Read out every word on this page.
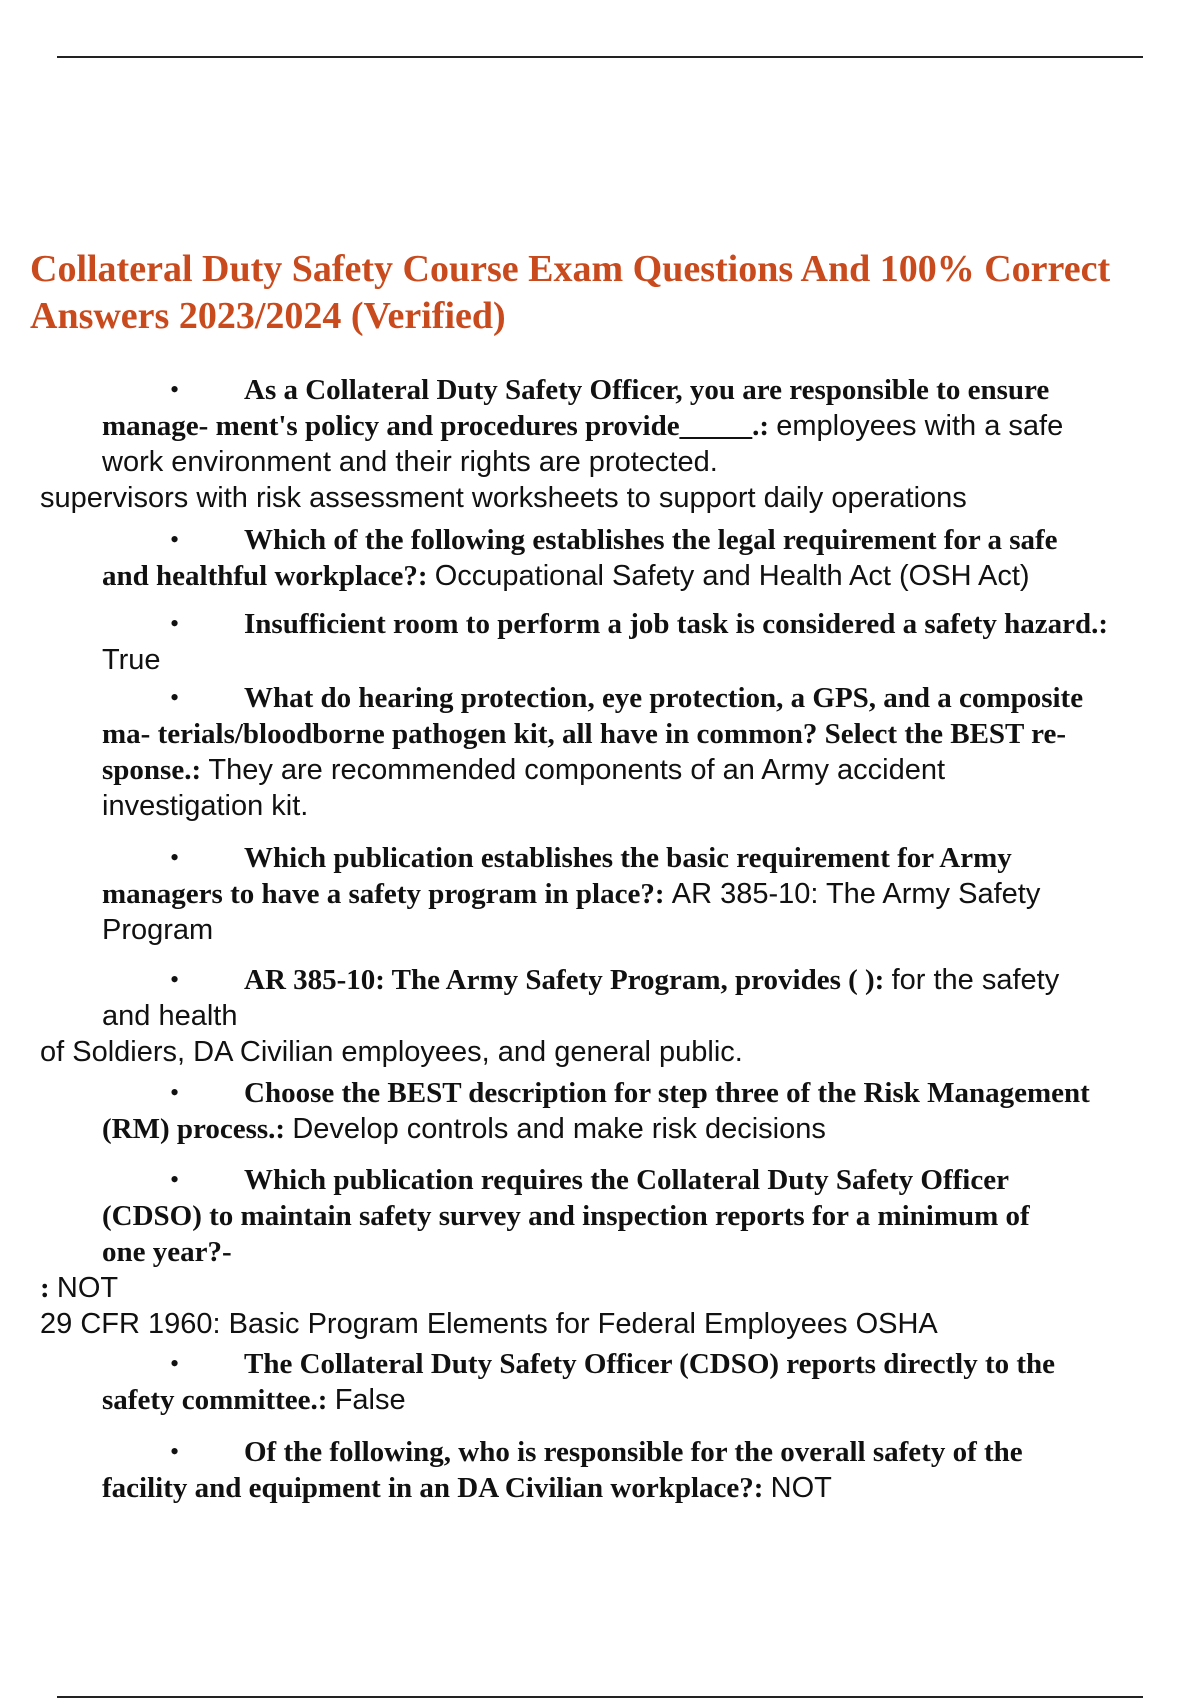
Collateral Duty Safety Course Exam Questions And 100% Correct
Answers 2023/2024 (Verified)
• As a Collateral Duty Safety Officer, you are responsible to ensure
manage- ment's policy and procedures provide_____.: employees with a safe
work environment and their rights are protected.
supervisors with risk assessment worksheets to support daily operations
• Which of the following establishes the legal requirement for a safe
and healthful workplace?: Occupational Safety and Health Act (OSH Act)
• Insufficient room to perform a job task is considered a safety hazard.:
True
• What do hearing protection, eye protection, a GPS, and a composite
ma- terials/bloodborne pathogen kit, all have in common? Select the BEST re-
sponse.: They are recommended components of an Army accident
investigation kit.
• Which publication establishes the basic requirement for Army
managers to have a safety program in place?: AR 385-10: The Army Safety
Program
• AR 385-10: The Army Safety Program, provides ( ): for the safety
and health
of Soldiers, DA Civilian employees, and general public.
• Choose the BEST description for step three of the Risk Management
(RM) process.: Develop controls and make risk decisions
• Which publication requires the Collateral Duty Safety Officer
(CDSO) to maintain safety survey and inspection reports for a minimum of
one year?-
: NOT
29 CFR 1960: Basic Program Elements for Federal Employees OSHA
• The Collateral Duty Safety Officer (CDSO) reports directly to the
safety committee.: False
• Of the following, who is responsible for the overall safety of the
facility and equipment in an DA Civilian workplace?: NOT
